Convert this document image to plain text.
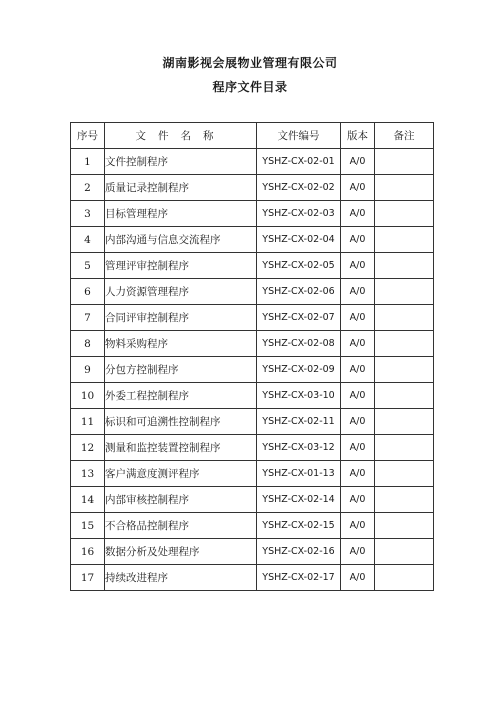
湖南影视会展物业管理有限公司
程序文件目录
序号	文件名称	文件编号	版本	备注
1	文件控制程序	YSHZ-CX-02-01	A/0	
2	质量记录控制程序	YSHZ-CX-02-02	A/0	
3	目标管理程序	YSHZ-CX-02-03	A/0	
4	内部沟通与信息交流程序	YSHZ-CX-02-04	A/0	
5	管理评审控制程序	YSHZ-CX-02-05	A/0	
6	人力资源管理程序	YSHZ-CX-02-06	A/0	
7	合同评审控制程序	YSHZ-CX-02-07	A/0	
8	物料采购程序	YSHZ-CX-02-08	A/0	
9	分包方控制程序	YSHZ-CX-02-09	A/0	
10	外委工程控制程序	YSHZ-CX-03-10	A/0	
11	标识和可追溯性控制程序	YSHZ-CX-02-11	A/0	
12	测量和监控装置控制程序	YSHZ-CX-03-12	A/0	
13	客户满意度测评程序	YSHZ-CX-01-13	A/0	
14	内部审核控制程序	YSHZ-CX-02-14	A/0	
15	不合格品控制程序	YSHZ-CX-02-15	A/0	
16	数据分析及处理程序	YSHZ-CX-02-16	A/0	
17	持续改进程序	YSHZ-CX-02-17	A/0	
